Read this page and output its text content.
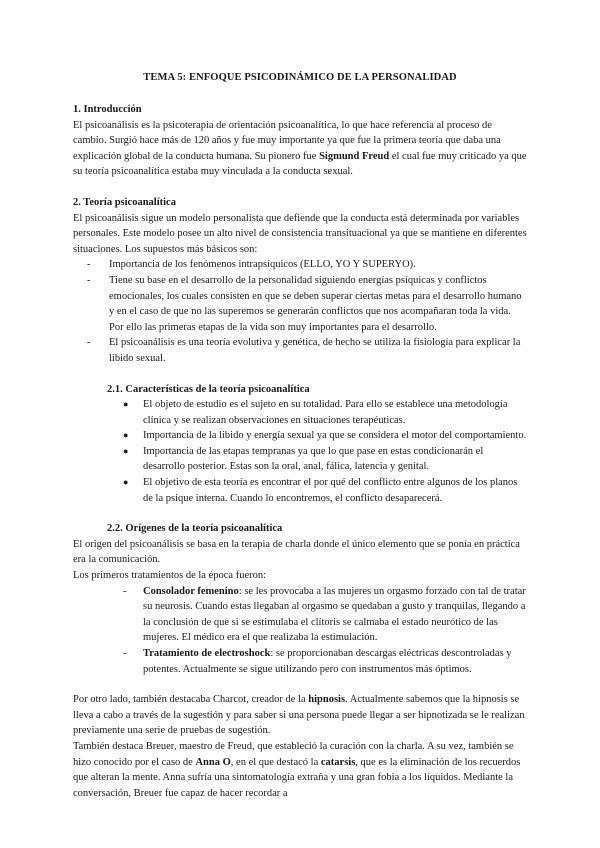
TEMA 5: ENFOQUE PSICODINÁMICO DE LA PERSONALIDAD

1. Introducción

El psicoanálisis es la psicoterapia de orientación psicoanalítica, lo que hace referencia al proceso de cambio. Surgió hace más de 120 años y fue muy importante ya que fue la primera teoría que daba una explicación global de la conducta humana. Su pionero fue Sigmund Freud el cual fue muy criticado ya que su teoría psicoanalítica estaba muy vinculada a la conducta sexual.

2. Teoría psicoanalítica

El psicoanálisis sigue un modelo personalista que defiende que la conducta está determinada por variables personales. Este modelo posee un alto nivel de consistencia transituacional ya que se mantiene en diferentes situaciones. Los supuestos más básicos son:

- Importancia de los fenómenos intrapsíquicos (ELLO, YO Y SUPERYO).
- Tiene su base en el desarrollo de la personalidad siguiendo energías psíquicas y conflictos emocionales, los cuales consisten en que se deben superar ciertas metas para el desarrollo humano y en el caso de que no las superemos se generarán conflictos que nos acompañaran toda la vida. Por ello las primeras etapas de la vida son muy importantes para el desarrollo.
- El psicoanálisis es una teoría evolutiva y genética, de hecho se utiliza la fisiología para explicar la libido sexual.

2.1. Características de la teoría psicoanalítica

● El objeto de estudio es el sujeto en su totalidad. Para ello se establece una metodología clínica y se realizan observaciones en situaciones terapéuticas.
● Importancia de la libido y energía sexual ya que se considera el motor del comportamiento.
● Importancia de las etapas tempranas ya que lo que pase en estas condicionarán el desarrollo posterior. Estas son la oral, anal, fálica, latencia y genital.
● El objetivo de esta teoría es encontrar el por qué del conflicto entre algunos de los planos de la psique interna. Cuando lo encontremos, el conflicto desaparecerá.

2.2. Orígenes de la teoría psicoanalítica

El origen del psicoanálisis se basa en la terapia de charla donde el único elemento que se ponía en práctica era la comunicación.

Los primeros tratamientos de la época fueron:

- Consolador femenino: se les provocaba a las mujeres un orgasmo forzado con tal de tratar su neurosis. Cuando estas llegaban al orgasmo se quedaban a gusto y tranquilas, llegando a la conclusión de que si se estimulaba el clítoris se calmaba el estado neurótico de las mujeres. El médico era el que realizaba la estimulación.
- Tratamiento de electroshock: se proporcionaban descargas eléctricas descontroladas y potentes. Actualmente se sigue utilizando pero con instrumentos más óptimos.

Por otro lado, también destacaba Charcot, creador de la hipnosis. Actualmente sabemos que la hipnosis se lleva a cabo a través de la sugestión y para saber si una persona puede llegar a ser hipnotizada se le realizan previamente una serie de pruebas de sugestión.

También destaca Breuer, maestro de Freud, que estableció la curación con la charla. A su vez, también se hizo conocido por el caso de Anna O, en el que destacó la catarsis, que es la eliminación de los recuerdos que alteran la mente. Anna sufría una sintomatología extraña y una gran fobia a los líquidos. Mediante la conversación, Breuer fue capaz de hacer recordar a
